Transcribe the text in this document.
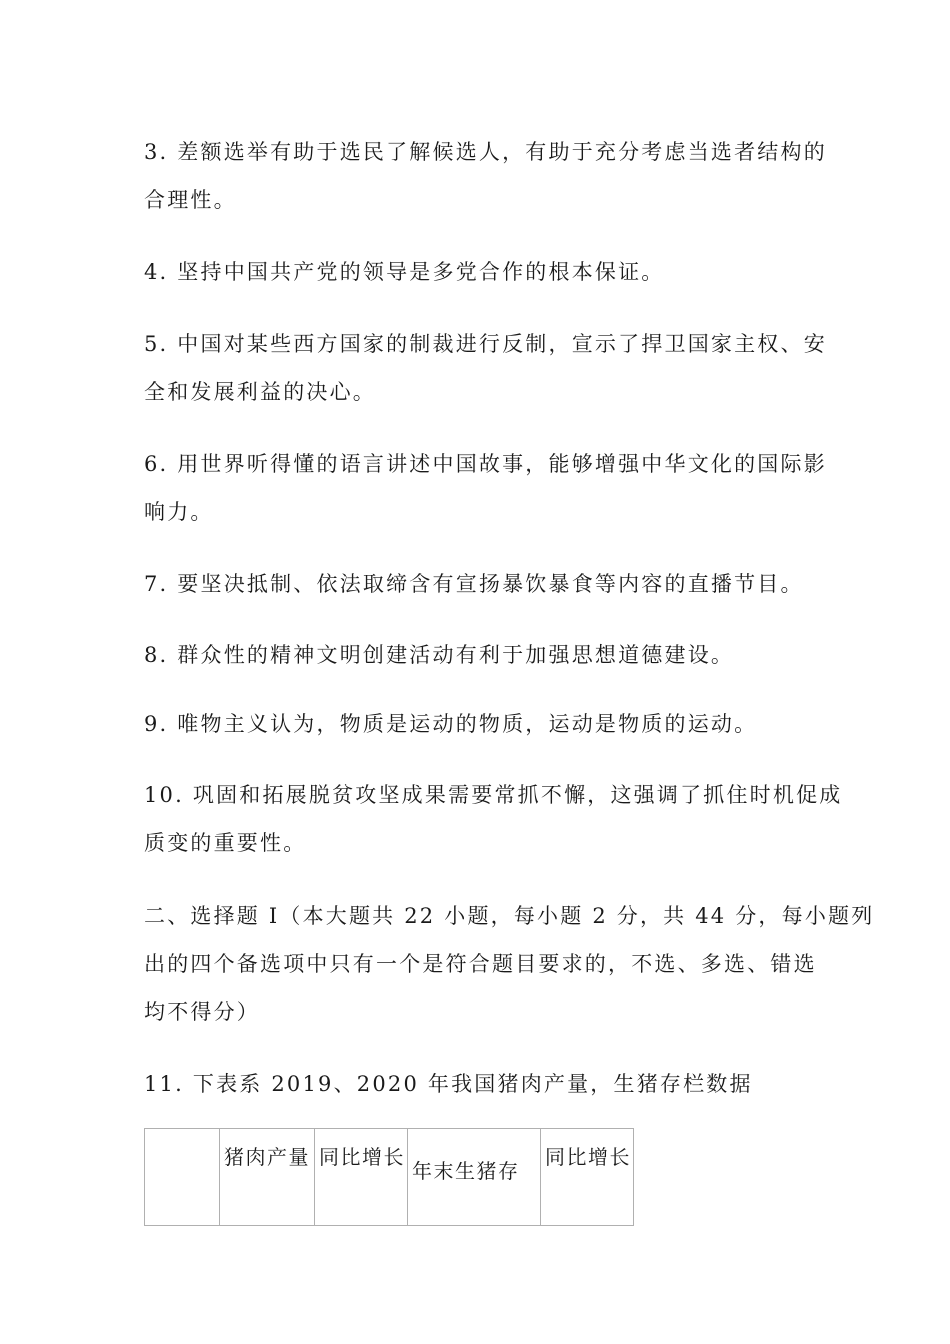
3. 差额选举有助于选民了解候选人，有助于充分考虑当选者结构的
合理性。
4. 坚持中国共产党的领导是多党合作的根本保证。
5. 中国对某些西方国家的制裁进行反制，宣示了捍卫国家主权、安
全和发展利益的决心。
6. 用世界听得懂的语言讲述中国故事，能够增强中华文化的国际影
响力。
7. 要坚决抵制、依法取缔含有宣扬暴饮暴食等内容的直播节目。
8. 群众性的精神文明创建活动有利于加强思想道德建设。
9. 唯物主义认为，物质是运动的物质，运动是物质的运动。
10. 巩固和拓展脱贫攻坚成果需要常抓不懈，这强调了抓住时机促成
质变的重要性。
二、选择题 I（本大题共 22 小题，每小题 2 分，共 44 分，每小题列
出的四个备选项中只有一个是符合题目要求的，不选、多选、错选
均不得分）
11. 下表系 2019、2020 年我国猪肉产量，生猪存栏数据
	猪肉产量	同比增长	年末生猪存	同比增长
